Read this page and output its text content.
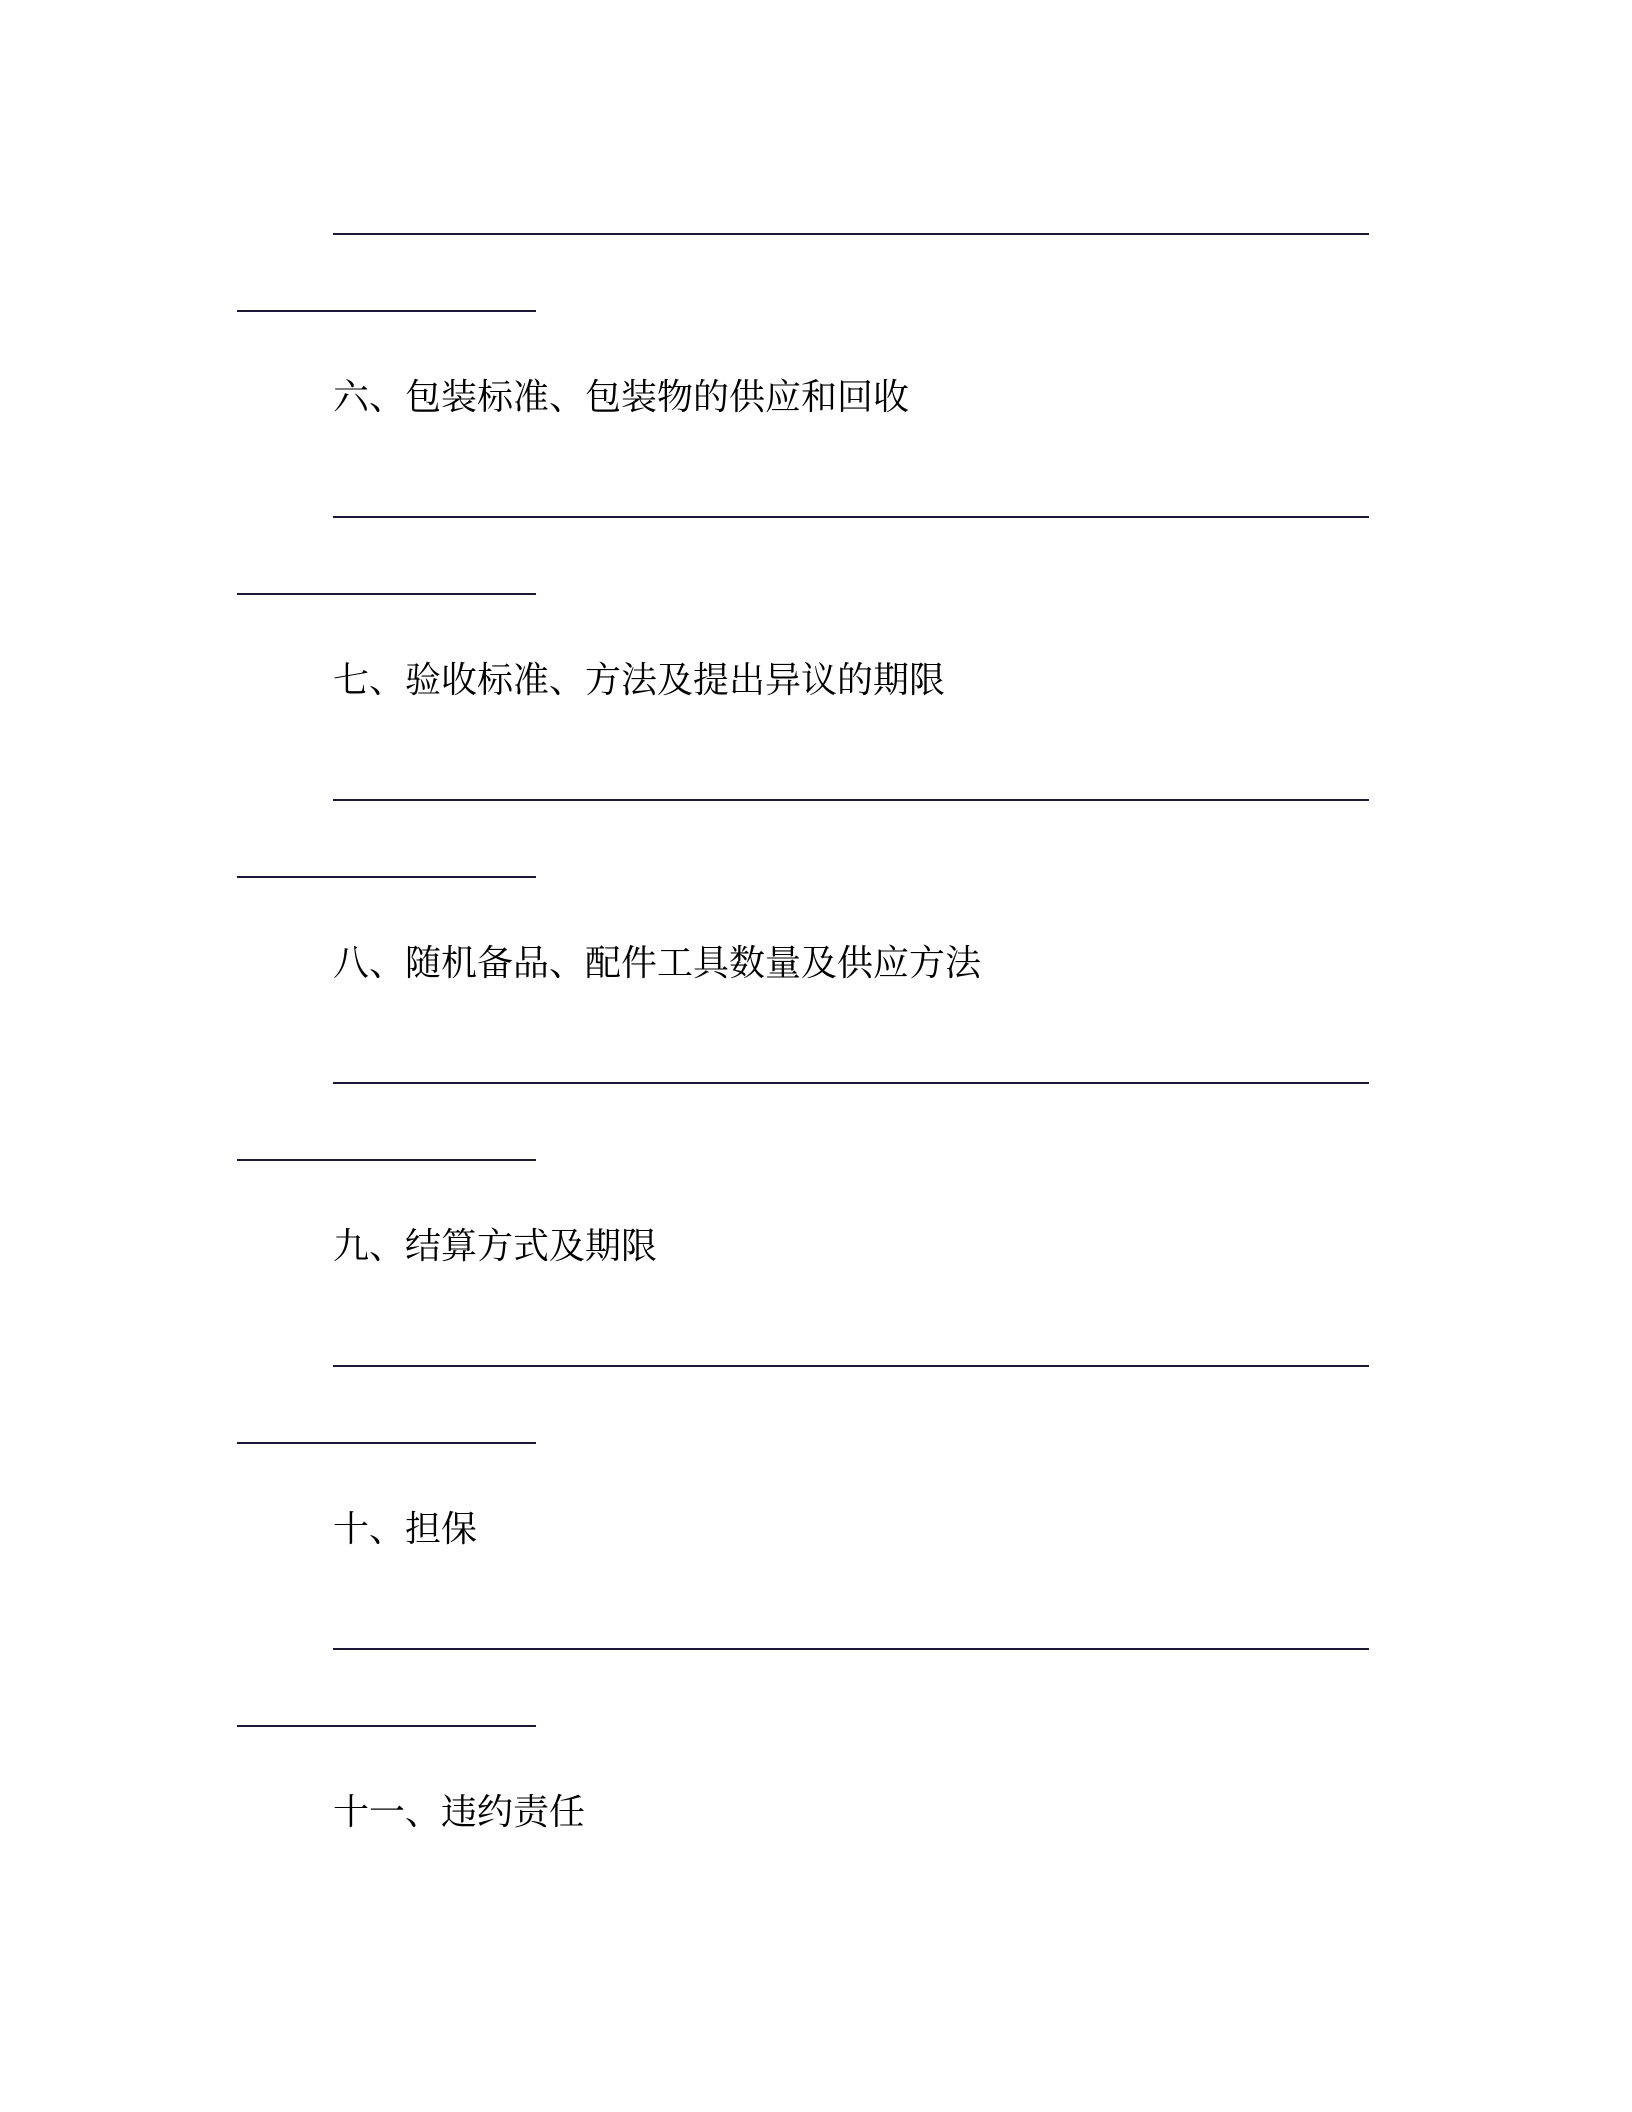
六、包装标准、包装物的供应和回收
七、验收标准、方法及提出异议的期限
八、随机备品、配件工具数量及供应方法
九、结算方式及期限
十、担保
十一、违约责任
